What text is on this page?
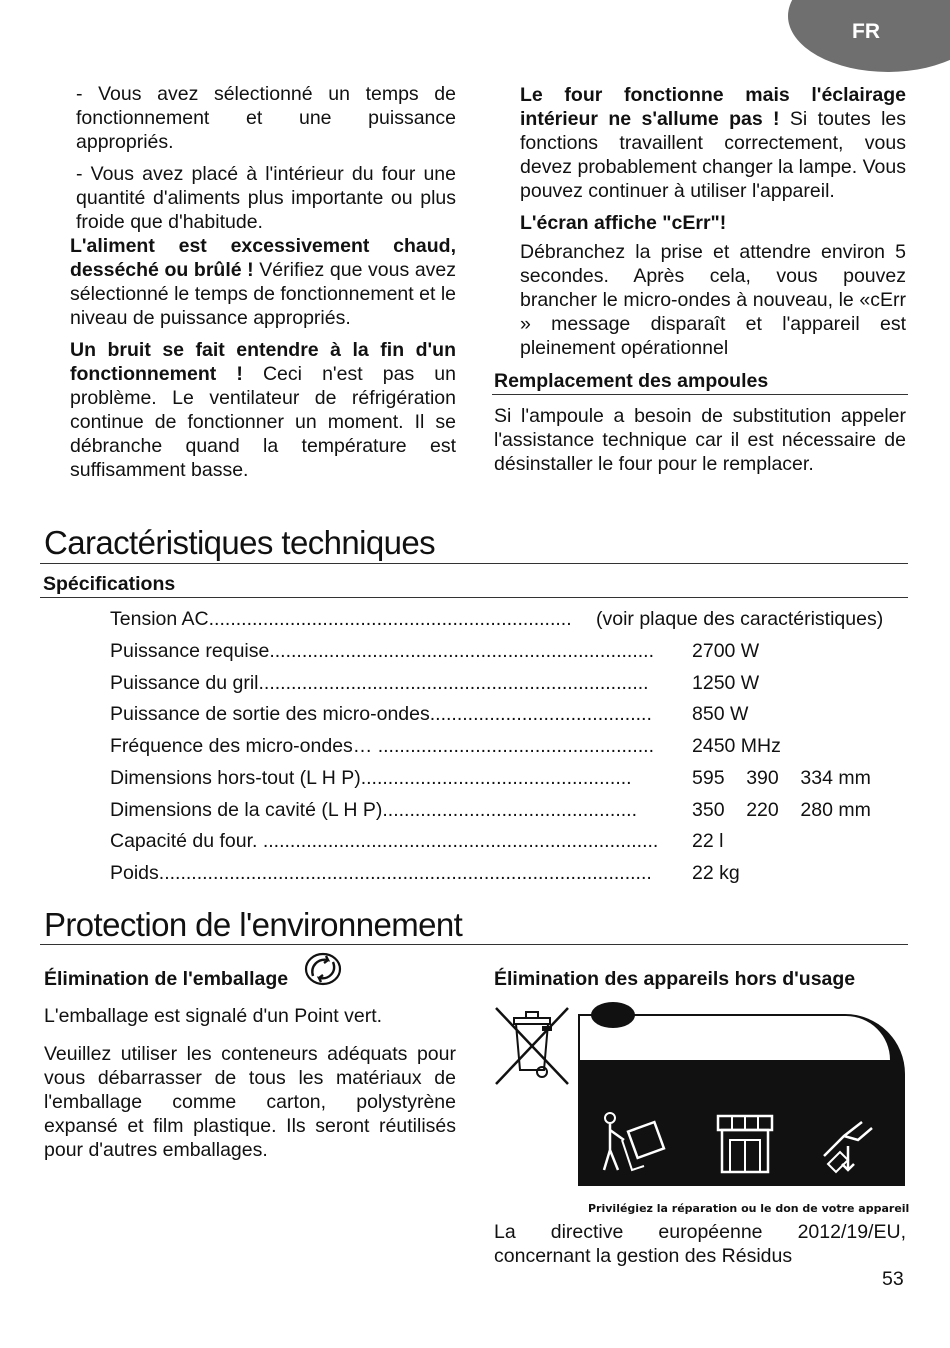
FR

- Vous avez sélectionné un temps de fonctionnement et une puissance appropriés.

- Vous avez placé à l'intérieur du four une quantité d'aliments plus importante ou plus froide que d'habitude.

L'aliment est excessivement chaud, desséché ou brûlé ! Vérifiez que vous avez sélectionné le temps de fonctionnement et le niveau de puissance appropriés.

Un bruit se fait entendre à la fin d'un fonctionnement ! Ceci n'est pas un problème. Le ventilateur de réfrigération continue de fonctionner un moment. Il se débranche quand la température est suffisamment basse.

Le four fonctionne mais l'éclairage intérieur ne s'allume pas ! Si toutes les fonctions travaillent correctement, vous devez probablement changer la lampe. Vous pouvez continuer à utiliser l'appareil.

L'écran affiche "cErr"!

Débranchez la prise et attendre environ 5 secondes. Après cela, vous pouvez brancher le micro-ondes à nouveau, le «cErr » message disparaît et l'appareil est pleinement opérationnel

Remplacement des ampoules

Si l'ampoule a besoin de substitution appeler l'assistance technique car il est nécessaire de désinstaller le four pour le remplacer.

Caractéristiques techniques
Spécifications
Tension AC................................................................... (voir plaque des caractéristiques)
Puissance requise....................................................................... 2700 W
Puissance du gril........................................................................ 1250 W
Puissance de sortie des micro-ondes......................................... 850 W
Fréquence des micro-ondes… ................................................... 2450 MHz
Dimensions hors-tout (L H P)..................................................	595    390    334 mm
Dimensions de la cavité (L H P)...............................................	350    220    280 mm
Capacité du four. ......................................................................... 22 l
Poids........................................................................................... 22 kg
Protection de l'environnement
Élimination de l'emballage

L'emballage est signalé d'un Point vert.

Veuillez utiliser les conteneurs adéquats pour vous débarrasser de tous les matériaux de l'emballage comme carton, polystyrène expansé et film plastique. Ils seront réutilisés pour d'autres emballages.

Élimination des appareils hors d'usage
Privilégiez la réparation ou le don de votre appareil

La directive européenne 2012/19/EU, concernant la gestion des Résidus

53
